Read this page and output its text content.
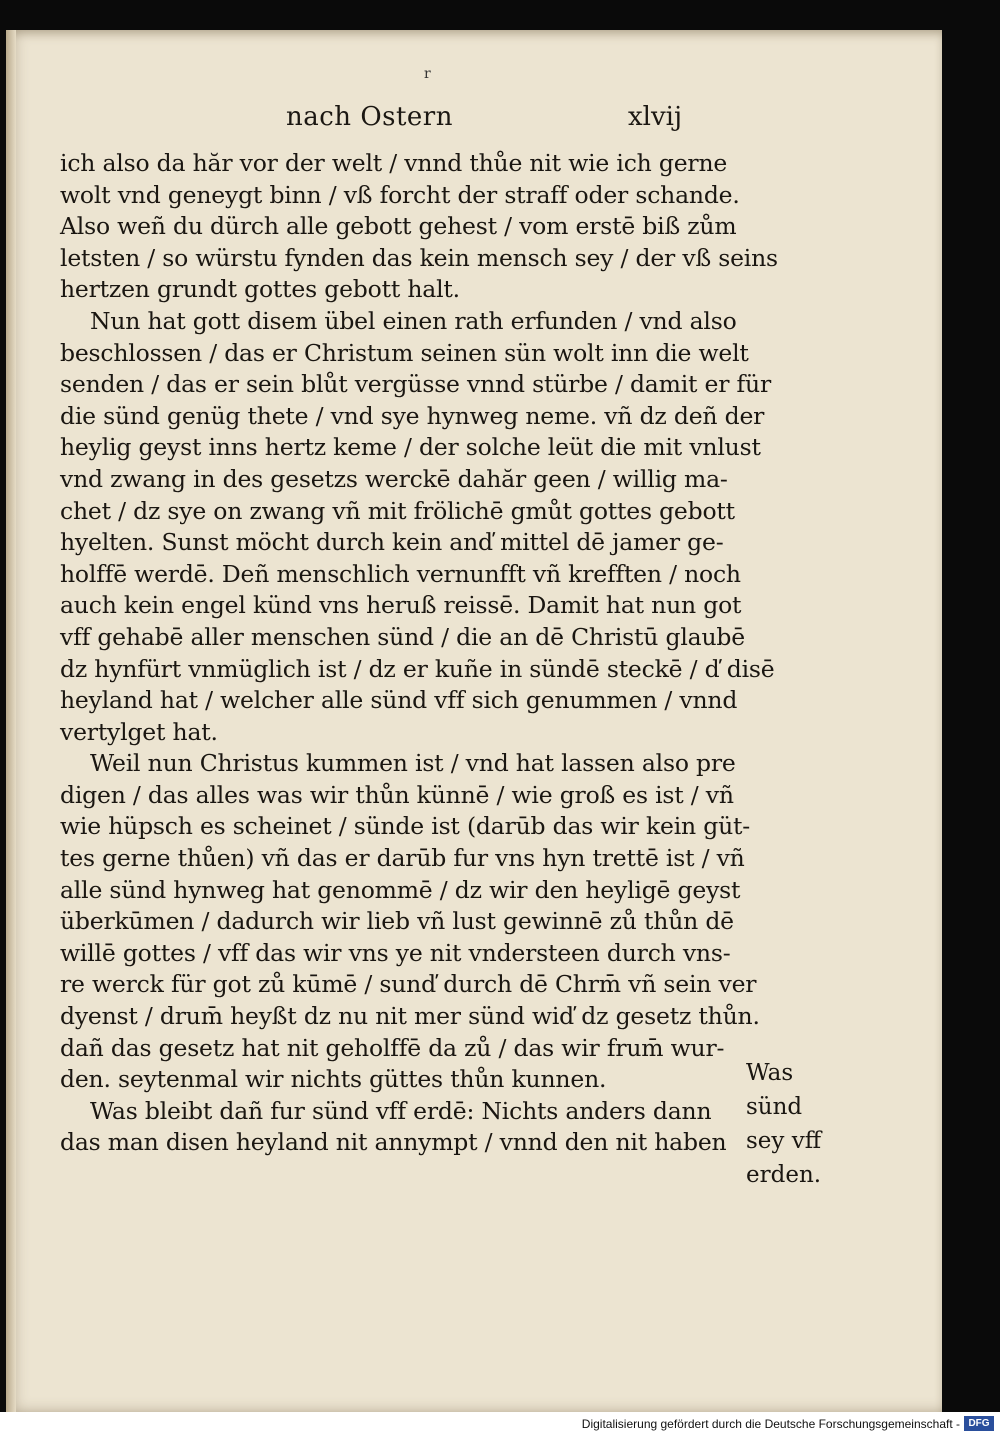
r
nach Ostern	xlvij
ich also da hăr vor der welt / vnnd thůe nit wie ich gerne
wolt vnd geneygt binn / vß forcht der straff oder schande.
Also weñ du dürch alle gebott gehest / vom erstē biß zům
letsten / so würstu fynden das kein mensch sey / der vß seins
hertzen grundt gottes gebott halt.
Nun hat gott disem übel einen rath erfunden / vnd also
beschlossen / das er Christum seinen sün wolt inn die welt
senden / das er sein blůt vergüsse vnnd stürbe / damit er für
die sünd genüg thete / vnd sye hynweg neme. vñ dz deñ der
heylig geyst inns hertz keme / der solche leüt die mit vnlust
vnd zwang in des gesetzs werckē dahăr geen / willig ma-
chet / dz sye on zwang vñ mit frölichē gmůt gottes gebott
hyelten. Sunst möcht durch kein anď mittel dē jamer ge-
holffē werdē. Deñ menschlich vernunfft vñ krefften / noch
auch kein engel künd vns heruß reissē. Damit hat nun got
vff gehabē aller menschen sünd / die an dē Christū glaubē
dz hynfürt vnmüglich ist / dz er kuñe in sündē steckē / ď disē
heyland hat / welcher alle sünd vff sich genummen / vnnd
vertylget hat.
Weil nun Christus kummen ist / vnd hat lassen also pre
digen / das alles was wir thůn künnē / wie groß es ist / vñ
wie hüpsch es scheinet / sünde ist (darūb das wir kein güt-
tes gerne thůen) vñ das er darūb fur vns hyn trettē ist / vñ
alle sünd hynweg hat genommē / dz wir den heyligē geyst
überkūmen / dadurch wir lieb vñ lust gewinnē zů thůn dē
willē gottes / vff das wir vns ye nit vndersteen durch vns-
re werck für got zů kūmē / sunď durch dē Chrm̄ vñ sein ver
dyenst / drum̄ heyßt dz nu nit mer sünd wiď dz gesetz thůn.
dañ das gesetz hat nit geholffē da zů / das wir frum̄ wur-
den. seytenmal wir nichts güttes thůn kunnen.
Was bleibt dañ fur sünd vff erdē: Nichts anders dann
das man disen heyland nit annympt / vnnd den nit haben
Was
sünd
sey vff
erden.
Digitalisierung gefördert durch die Deutsche Forschungsgemeinschaft - DFG
